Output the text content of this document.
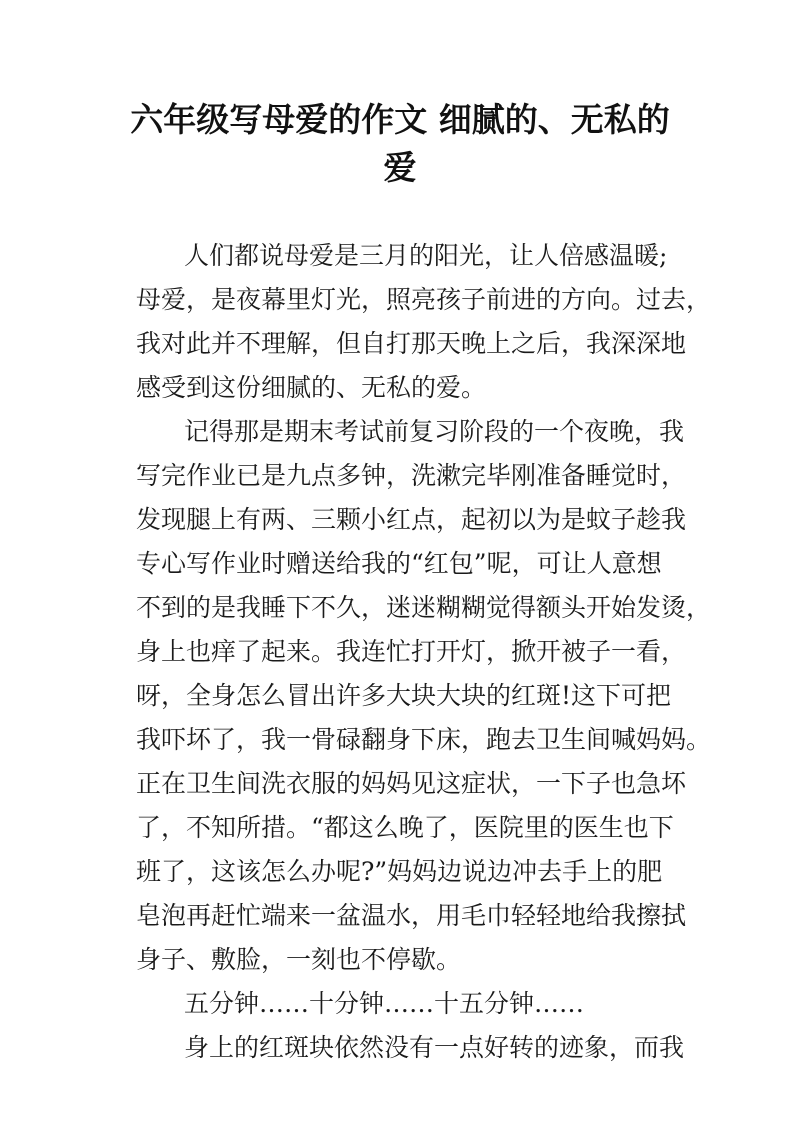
六年级写母爱的作文 细腻的、无私的
爱
人们都说母爱是三月的阳光，让人倍感温暖;
母爱，是夜幕里灯光，照亮孩子前进的方向。过去，
我对此并不理解，但自打那天晚上之后，我深深地
感受到这份细腻的、无私的爱。
记得那是期末考试前复习阶段的一个夜晚，我
写完作业已是九点多钟，洗漱完毕刚准备睡觉时，
发现腿上有两、三颗小红点，起初以为是蚊子趁我
专心写作业时赠送给我的“红包”呢，可让人意想
不到的是我睡下不久，迷迷糊糊觉得额头开始发烫，
身上也痒了起来。我连忙打开灯，掀开被子一看，
呀，全身怎么冒出许多大块大块的红斑!这下可把
我吓坏了，我一骨碌翻身下床，跑去卫生间喊妈妈。
正在卫生间洗衣服的妈妈见这症状，一下子也急坏
了，不知所措。“都这么晚了，医院里的医生也下
班了，这该怎么办呢?”妈妈边说边冲去手上的肥
皂泡再赶忙端来一盆温水，用毛巾轻轻地给我擦拭
身子、敷脸，一刻也不停歇。
五分钟……十分钟……十五分钟……
身上的红斑块依然没有一点好转的迹象，而我
